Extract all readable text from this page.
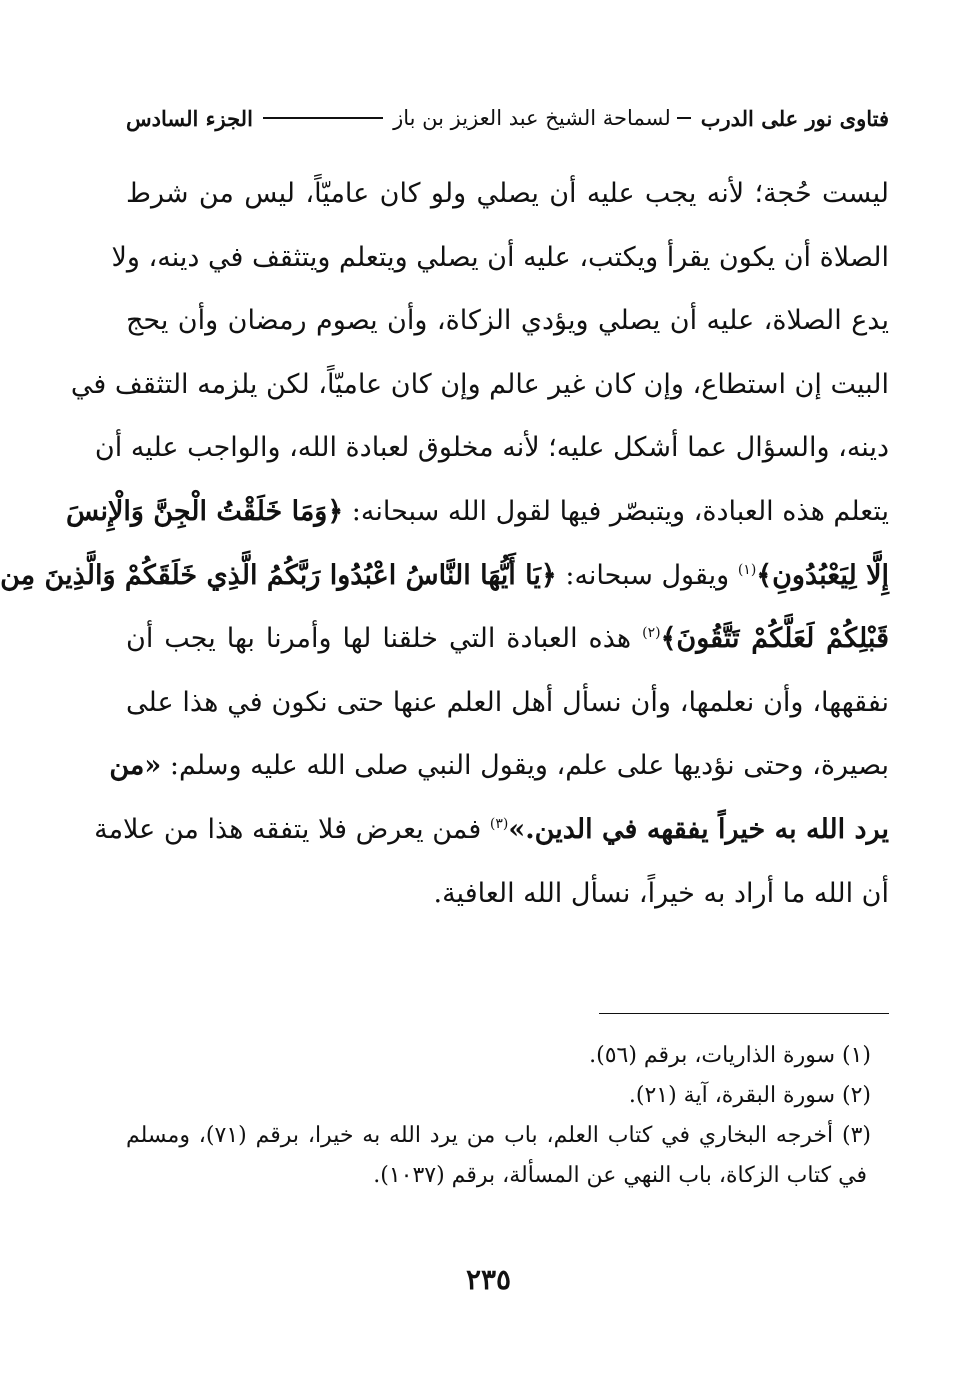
فتاوى نور على الدرب
لسماحة الشيخ عبد العزيز بن باز
الجزء السادس
ليست حُجة؛ لأنه يجب عليه أن يصلي ولو كان عاميّاً، ليس من شرط
الصلاة أن يكون يقرأ ويكتب، عليه أن يصلي ويتعلم ويتثقف في دينه، ولا
يدع الصلاة، عليه أن يصلي ويؤدي الزكاة، وأن يصوم رمضان وأن يحج
البيت إن استطاع، وإن كان غير عالم وإن كان عاميّاً، لكن يلزمه التثقف في
دينه، والسؤال عما أشكل عليه؛ لأنه مخلوق لعبادة الله، والواجب عليه أن
يتعلم هذه العبادة، ويتبصّر فيها لقول الله سبحانه: ﴿وَمَا خَلَقْتُ الْجِنَّ وَالْإِنسَ
إِلَّا لِيَعْبُدُونِ﴾$^{(١)}$ ويقول سبحانه: ﴿يَا أَيُّهَا النَّاسُ اعْبُدُوا رَبَّكُمُ الَّذِي خَلَقَكُمْ وَالَّذِينَ مِن
قَبْلِكُمْ لَعَلَّكُمْ تَتَّقُونَ﴾$^{(٢)}$ هذه العبادة التي خلقنا لها وأمرنا بها يجب أن
نفقهها، وأن نعلمها، وأن نسأل أهل العلم عنها حتى نكون في هذا على
بصيرة، وحتى نؤديها على علم، ويقول النبي صلى الله عليه وسلم: «من
يرد الله به خيراً يفقهه في الدين.»$^{(٣)}$ فمن يعرض فلا يتفقه هذا من علامة
أن الله ما أراد به خيراً، نسأل الله العافية.
(١) سورة الذاريات، برقم (٥٦).
(٢) سورة البقرة، آية (٢١).
(٣) أخرجه البخاري في كتاب العلم، باب من يرد الله به خيرا، برقم (٧١)، ومسلم
في كتاب الزكاة، باب النهي عن المسألة، برقم (١٠٣٧).
٢٣٥
